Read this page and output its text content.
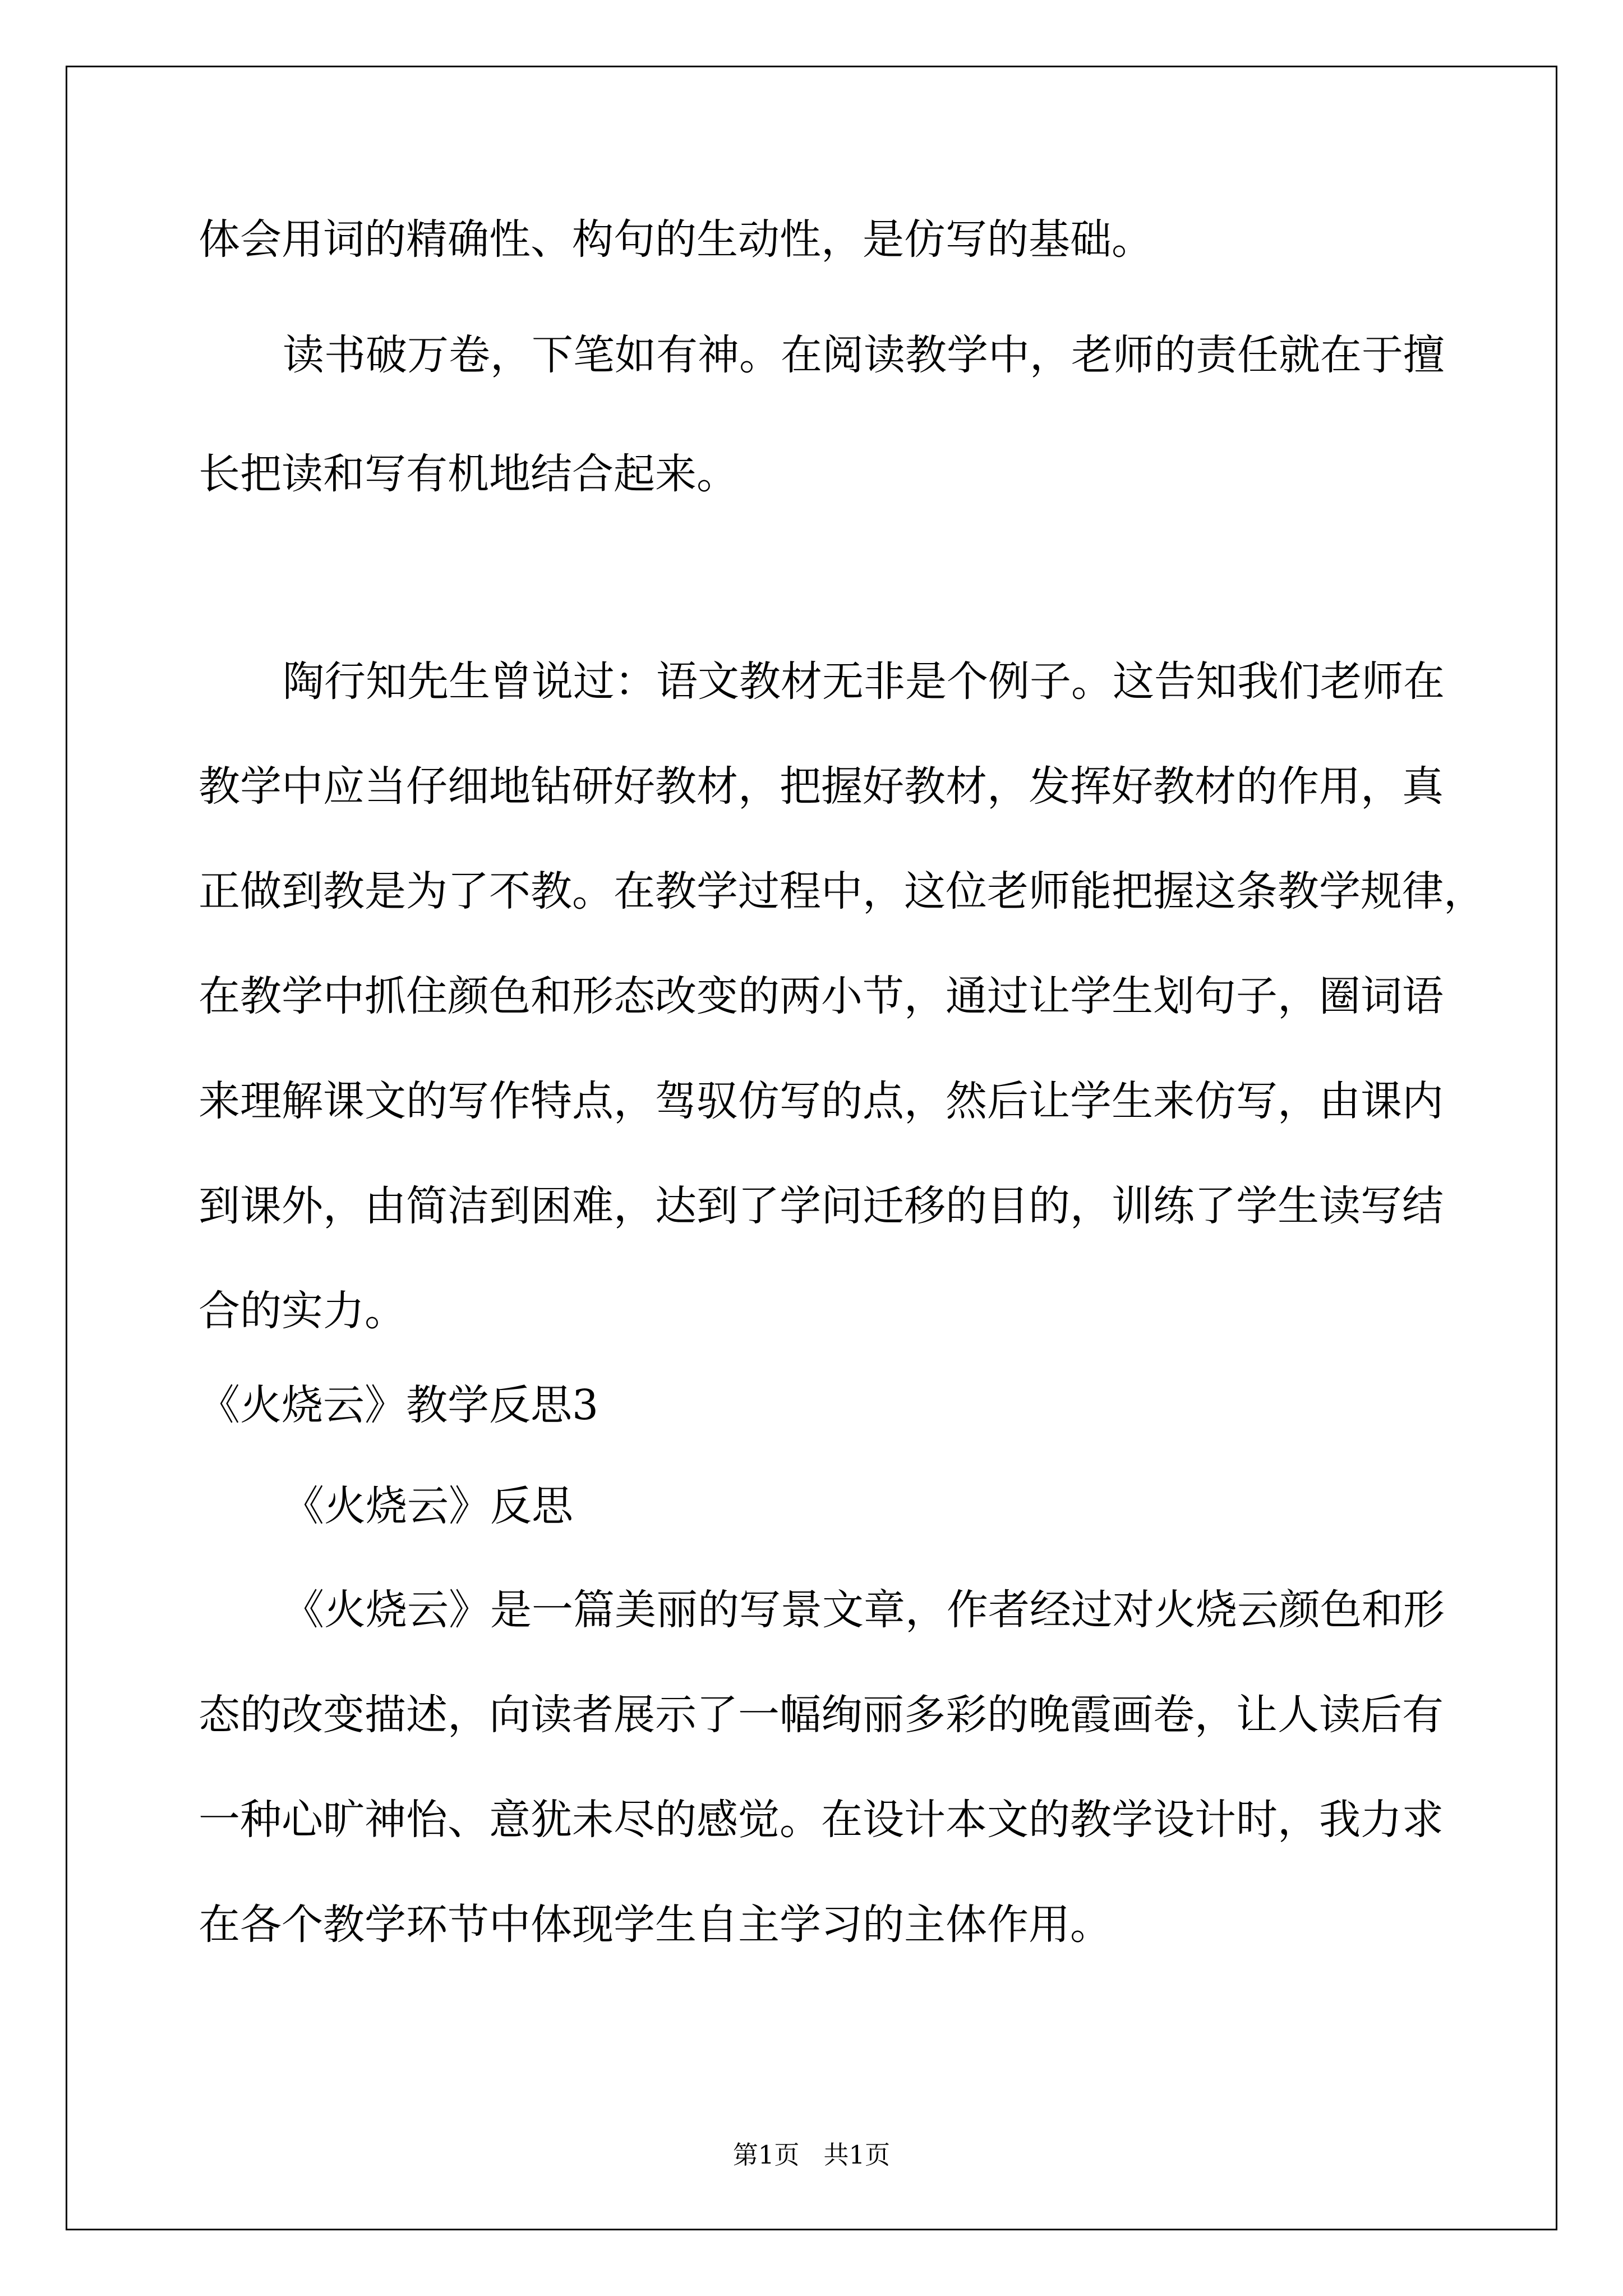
体会用词的精确性、构句的生动性，是仿写的基础。
读书破万卷，下笔如有神。在阅读教学中，老师的责任就在于擅
长把读和写有机地结合起来。
陶行知先生曾说过：语文教材无非是个例子。这告知我们老师在
教学中应当仔细地钻研好教材，把握好教材，发挥好教材的作用，真
正做到教是为了不教。在教学过程中，这位老师能把握这条教学规律，
在教学中抓住颜色和形态改变的两小节，通过让学生划句子，圈词语
来理解课文的写作特点，驾驭仿写的点，然后让学生来仿写，由课内
到课外，由简洁到困难，达到了学问迁移的目的，训练了学生读写结
合的实力。
《火烧云》教学反思3
《火烧云》反思
《火烧云》是一篇美丽的写景文章，作者经过对火烧云颜色和形
态的改变描述，向读者展示了一幅绚丽多彩的晚霞画卷，让人读后有
一种心旷神怡、意犹未尽的感觉。在设计本文的教学设计时，我力求
在各个教学环节中体现学生自主学习的主体作用。
第1页   共1页
